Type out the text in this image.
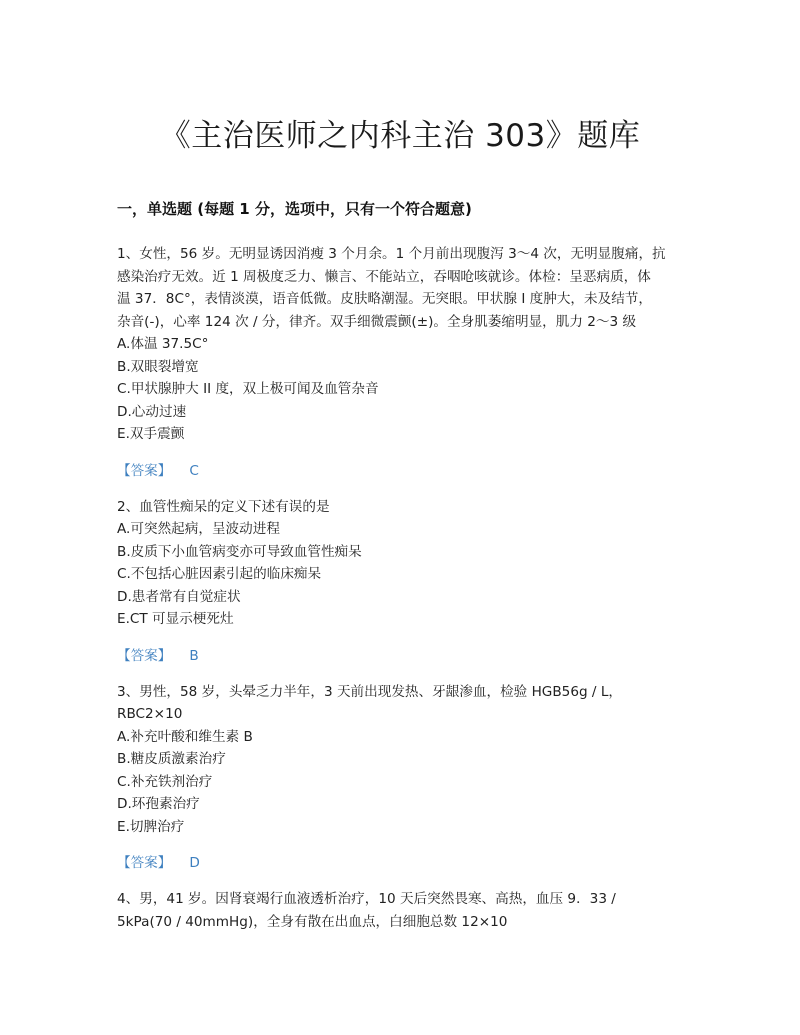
《主治医师之内科主治 303》题库
一，单选题 (每题 1 分，选项中，只有一个符合题意)
1、女性，56 岁。无明显诱因消瘦 3 个月余。1 个月前出现腹泻 3～4 次，无明显腹痛，抗
感染治疗无效。近 1 周极度乏力、懒言、不能站立，吞咽呛咳就诊。体检：呈恶病质，体
温 37．8C°，表情淡漠，语音低微。皮肤略潮湿。无突眼。甲状腺 I 度肿大，未及结节，
杂音(-)，心率 124 次 / 分，律齐。双手细微震颤(±)。全身肌萎缩明显，肌力 2～3 级
A.体温 37.5C°
B.双眼裂增宽
C.甲状腺肿大 II 度，双上极可闻及血管杂音
D.心动过速
E.双手震颤
【答案】 C
2、血管性痴呆的定义下述有误的是
A.可突然起病，呈波动进程
B.皮质下小血管病变亦可导致血管性痴呆
C.不包括心脏因素引起的临床痴呆
D.患者常有自觉症状
E.CT 可显示梗死灶
【答案】 B
3、男性，58 岁，头晕乏力半年，3 天前出现发热、牙龈渗血，检验 HGB56g / L，
RBC2×10
A.补充叶酸和维生素 B
B.糖皮质激素治疗
C.补充铁剂治疗
D.环孢素治疗
E.切脾治疗
【答案】 D
4、男，41 岁。因肾衰竭行血液透析治疗，10 天后突然畏寒、高热，血压 9．33 /
5kPa(70 / 40mmHg)，全身有散在出血点，白细胞总数 12×10
